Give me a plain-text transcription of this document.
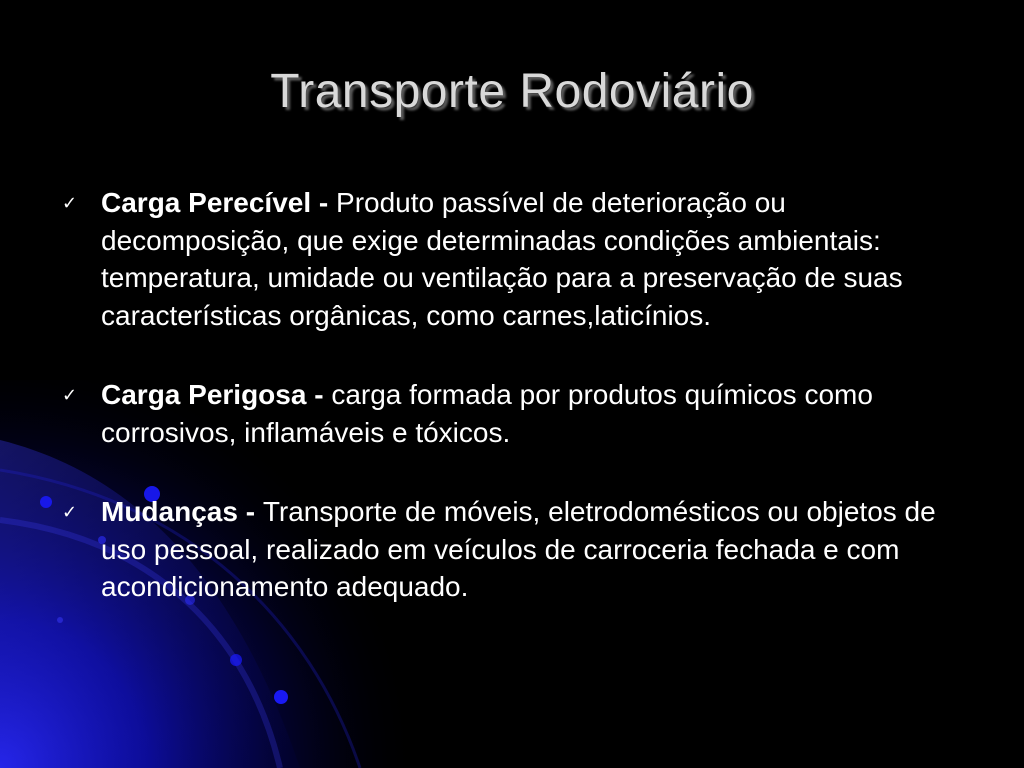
Transporte Rodoviário
✓ Carga Perecível - Produto passível de deterioração ou decomposição, que exige determinadas condições ambientais: temperatura, umidade ou ventilação para a preservação de suas características orgânicas, como carnes,laticínios.
✓ Carga Perigosa - carga formada por produtos químicos como corrosivos, inflamáveis e tóxicos.
✓ Mudanças - Transporte de móveis, eletrodomésticos ou objetos de uso pessoal, realizado em veículos de carroceria fechada e com acondicionamento adequado.
